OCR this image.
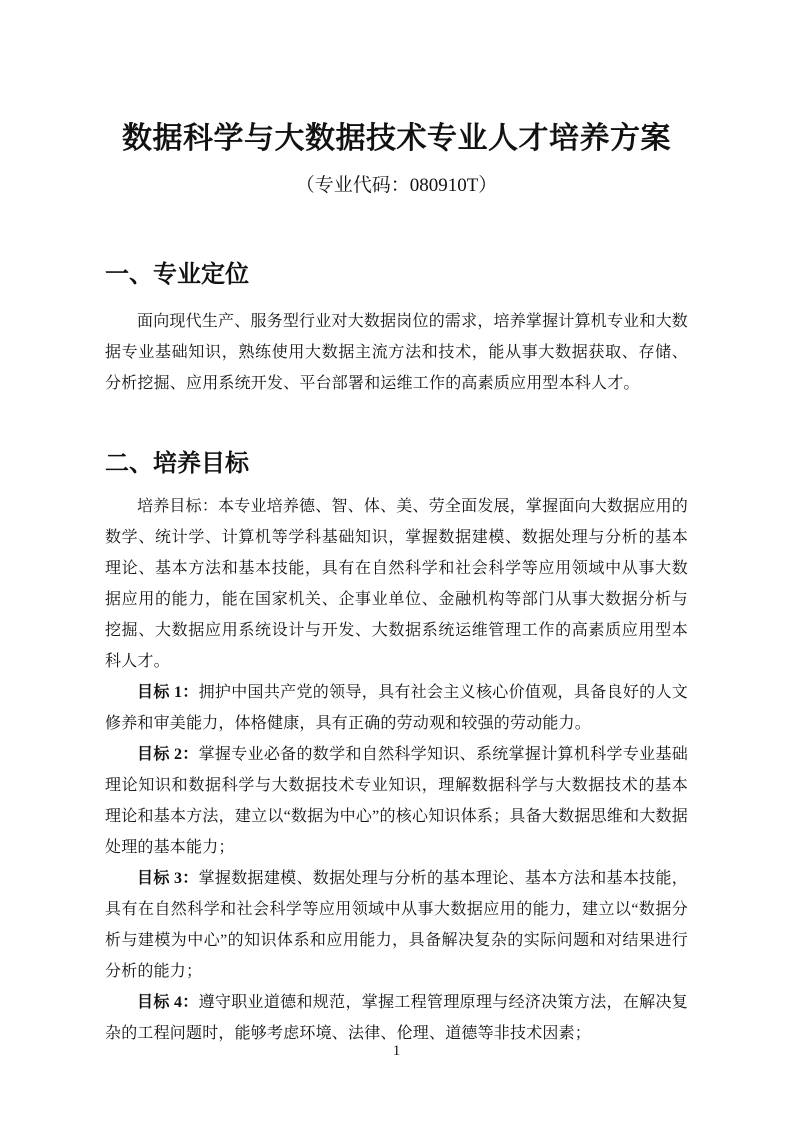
数据科学与大数据技术专业人才培养方案
（专业代码：080910T）
一、专业定位

面向现代生产、服务型行业对大数据岗位的需求，培养掌握计算机专业和大数据专业基础知识，熟练使用大数据主流方法和技术，能从事大数据获取、存储、分析挖掘、应用系统开发、平台部署和运维工作的高素质应用型本科人才。

二、培养目标

培养目标：本专业培养德、智、体、美、劳全面发展，掌握面向大数据应用的数学、统计学、计算机等学科基础知识，掌握数据建模、数据处理与分析的基本理论、基本方法和基本技能，具有在自然科学和社会科学等应用领域中从事大数据应用的能力，能在国家机关、企事业单位、金融机构等部门从事大数据分析与挖掘、大数据应用系统设计与开发、大数据系统运维管理工作的高素质应用型本科人才。

目标 1：拥护中国共产党的领导，具有社会主义核心价值观，具备良好的人文修养和审美能力，体格健康，具有正确的劳动观和较强的劳动能力。

目标 2：掌握专业必备的数学和自然科学知识、系统掌握计算机科学专业基础理论知识和数据科学与大数据技术专业知识，理解数据科学与大数据技术的基本理论和基本方法，建立以“数据为中心”的核心知识体系；具备大数据思维和大数据处理的基本能力；

目标 3：掌握数据建模、数据处理与分析的基本理论、基本方法和基本技能，具有在自然科学和社会科学等应用领域中从事大数据应用的能力，建立以“数据分析与建模为中心”的知识体系和应用能力，具备解决复杂的实际问题和对结果进行分析的能力；

目标 4：遵守职业道德和规范，掌握工程管理原理与经济决策方法，在解决复杂的工程问题时，能够考虑环境、法律、伦理、道德等非技术因素；

1
